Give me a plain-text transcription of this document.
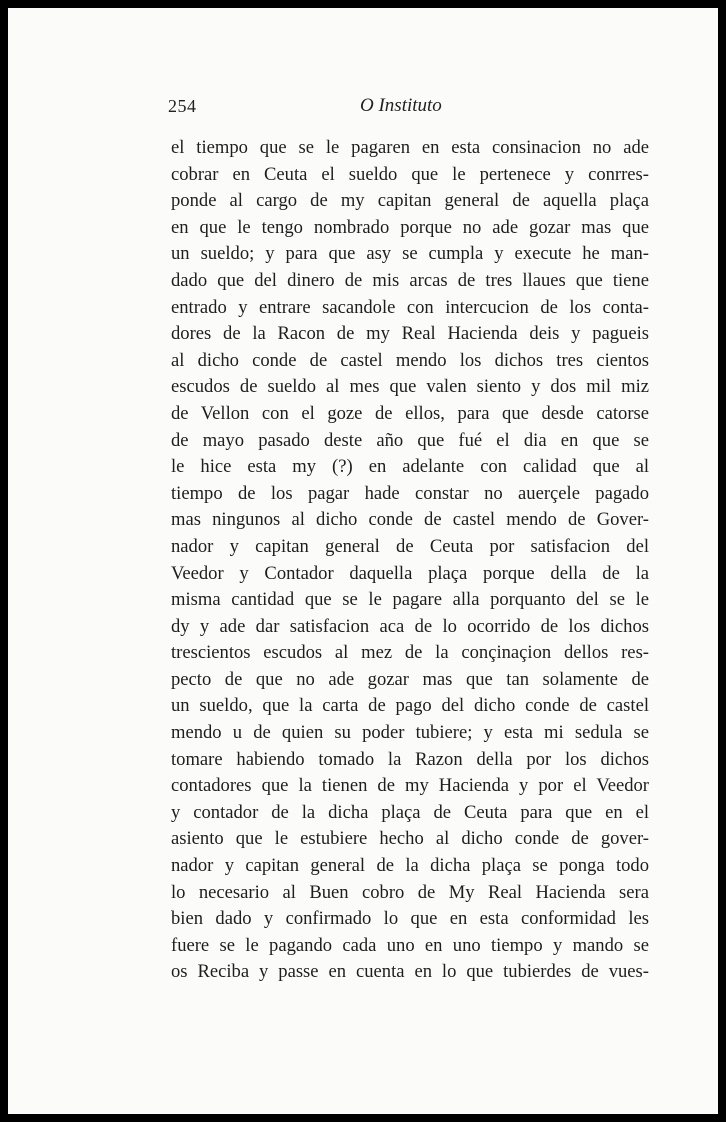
254	O Instituto
el tiempo que se le pagaren en esta consinacion no ade
cobrar en Ceuta el sueldo que le pertenece y conrres-
ponde al cargo de my capitan general de aquella plaça
en que le tengo nombrado porque no ade gozar mas que
un sueldo; y para que asy se cumpla y execute he man-
dado que del dinero de mis arcas de tres llaues que tiene
entrado y entrare sacandole con intercucion de los conta-
dores de la Racon de my Real Hacienda deis y pagueis
al dicho conde de castel mendo los dichos tres cientos
escudos de sueldo al mes que valen siento y dos mil miz
de Vellon con el goze de ellos, para que desde catorse
de mayo pasado deste año que fué el dia en que se
le hice esta my (?) en adelante con calidad que al
tiempo de los pagar hade constar no auerçele pagado
mas ningunos al dicho conde de castel mendo de Gover-
nador y capitan general de Ceuta por satisfacion del
Veedor y Contador daquella plaça porque della de la
misma cantidad que se le pagare alla porquanto del se le
dy y ade dar satisfacion aca de lo ocorrido de los dichos
trescientos escudos al mez de la conçinaçion dellos res-
pecto de que no ade gozar mas que tan solamente de
un sueldo, que la carta de pago del dicho conde de castel
mendo u de quien su poder tubiere; y esta mi sedula se
tomare habiendo tomado la Razon della por los dichos
contadores que la tienen de my Hacienda y por el Veedor
y contador de la dicha plaça de Ceuta para que en el
asiento que le estubiere hecho al dicho conde de gover-
nador y capitan general de la dicha plaça se ponga todo
lo necesario al Buen cobro de My Real Hacienda sera
bien dado y confirmado lo que en esta conformidad les
fuere se le pagando cada uno en uno tiempo y mando se
os Reciba y passe en cuenta en lo que tubierdes de vues-
